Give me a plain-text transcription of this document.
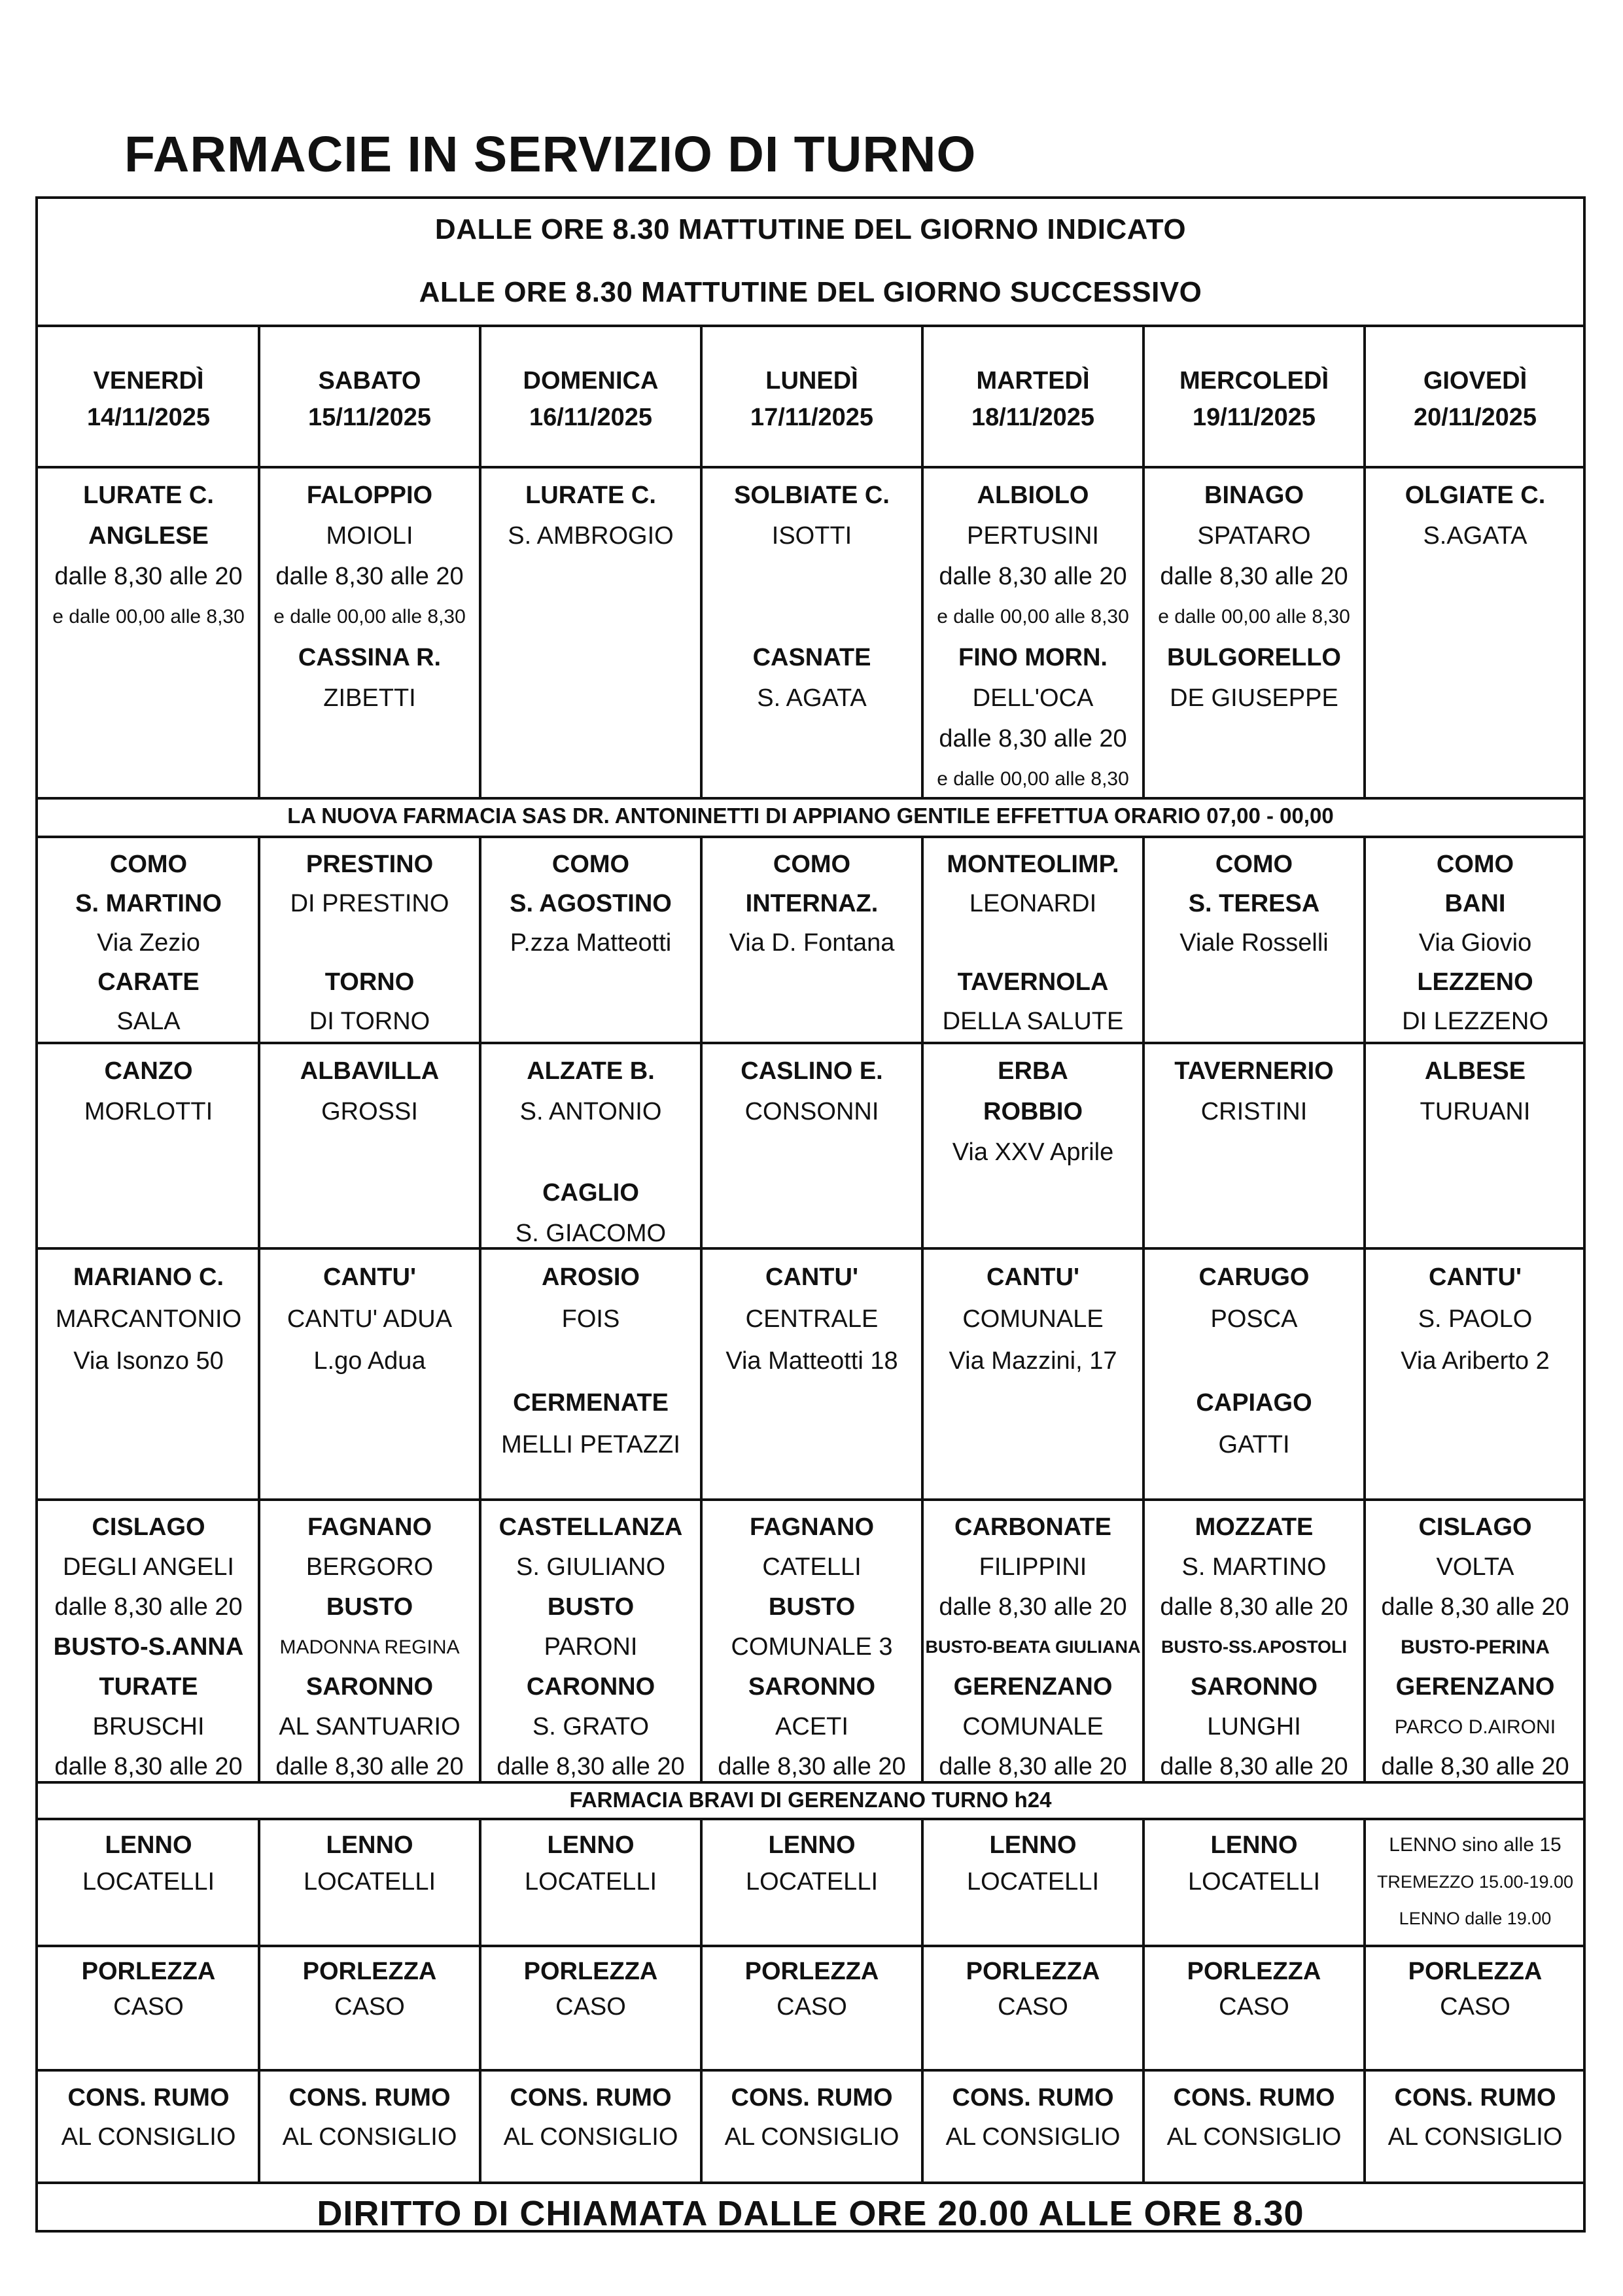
FARMACIE IN SERVIZIO DI TURNO
DALLE ORE 8.30 MATTUTINE DEL GIORNO INDICATO
ALLE ORE 8.30 MATTUTINE DEL GIORNO SUCCESSIVO
LA NUOVA FARMACIA SAS DR. ANTONINETTI DI APPIANO GENTILE EFFETTUA ORARIO 07,00 - 00,00
FARMACIA BRAVI DI GERENZANO TURNO h24
DIRITTO DI CHIAMATA DALLE ORE 20.00 ALLE ORE 8.30
VENERDÌ
14/11/2025
SABATO
15/11/2025
DOMENICA
16/11/2025
LUNEDÌ
17/11/2025
MARTEDÌ
18/11/2025
MERCOLEDÌ
19/11/2025
GIOVEDÌ
20/11/2025
LURATE C.
ANGLESE
dalle 8,30 alle 20
e dalle 00,00 alle 8,30
FALOPPIO
MOIOLI
dalle 8,30 alle 20
e dalle 00,00 alle 8,30
CASSINA R.
ZIBETTI
LURATE C.
S. AMBROGIO
SOLBIATE C.
ISOTTI

CASNATE
S. AGATA
ALBIOLO
PERTUSINI
dalle 8,30 alle 20
e dalle 00,00 alle 8,30
FINO MORN.
DELL'OCA
dalle 8,30 alle 20
e dalle 00,00 alle 8,30
BINAGO
SPATARO
dalle 8,30 alle 20
e dalle 00,00 alle 8,30
BULGORELLO
DE GIUSEPPE
OLGIATE C.
S.AGATA
COMO
S. MARTINO
Via Zezio
CARATE
SALA
PRESTINO
DI PRESTINO

TORNO
DI TORNO
COMO
S. AGOSTINO
P.zza Matteotti
COMO
INTERNAZ.
Via D. Fontana
MONTEOLIMP.
LEONARDI

TAVERNOLA
DELLA SALUTE
COMO
S. TERESA
Viale Rosselli
COMO
BANI
Via Giovio
LEZZENO
DI LEZZENO
CANZO
MORLOTTI
ALBAVILLA
GROSSI
ALZATE B.
S. ANTONIO

CAGLIO
S. GIACOMO
CASLINO E.
CONSONNI
ERBA
ROBBIO
Via XXV Aprile
TAVERNERIO
CRISTINI
ALBESE
TURUANI
MARIANO C.
MARCANTONIO
Via Isonzo 50
CANTU'
CANTU' ADUA
L.go Adua
AROSIO
FOIS

CERMENATE
MELLI PETAZZI
CANTU'
CENTRALE
Via Matteotti 18
CANTU'
COMUNALE
Via Mazzini, 17
CARUGO
POSCA

CAPIAGO
GATTI
CANTU'
S. PAOLO
Via Ariberto 2
CISLAGO
DEGLI ANGELI
dalle 8,30 alle 20
BUSTO-S.ANNA
TURATE
BRUSCHI
dalle 8,30 alle 20
FAGNANO
BERGORO
BUSTO
MADONNA REGINA
SARONNO
AL SANTUARIO
dalle 8,30 alle 20
CASTELLANZA
S. GIULIANO
BUSTO
PARONI
CARONNO
S. GRATO
dalle 8,30 alle 20
FAGNANO
CATELLI
BUSTO
COMUNALE 3
SARONNO
ACETI
dalle 8,30 alle 20
CARBONATE
FILIPPINI
dalle 8,30 alle 20
BUSTO-BEATA GIULIANA
GERENZANO
COMUNALE
dalle 8,30 alle 20
MOZZATE
S. MARTINO
dalle 8,30 alle 20
BUSTO-SS.APOSTOLI
SARONNO
LUNGHI
dalle 8,30 alle 20
CISLAGO
VOLTA
dalle 8,30 alle 20
BUSTO-PERINA
GERENZANO
PARCO D.AIRONI
dalle 8,30 alle 20
LENNO
LOCATELLI
LENNO
LOCATELLI
LENNO
LOCATELLI
LENNO
LOCATELLI
LENNO
LOCATELLI
LENNO
LOCATELLI
LENNO sino alle 15
TREMEZZO 15.00-19.00
LENNO dalle 19.00
PORLEZZA
CASO
PORLEZZA
CASO
PORLEZZA
CASO
PORLEZZA
CASO
PORLEZZA
CASO
PORLEZZA
CASO
PORLEZZA
CASO
CONS. RUMO
AL CONSIGLIO
CONS. RUMO
AL CONSIGLIO
CONS. RUMO
AL CONSIGLIO
CONS. RUMO
AL CONSIGLIO
CONS. RUMO
AL CONSIGLIO
CONS. RUMO
AL CONSIGLIO
CONS. RUMO
AL CONSIGLIO
